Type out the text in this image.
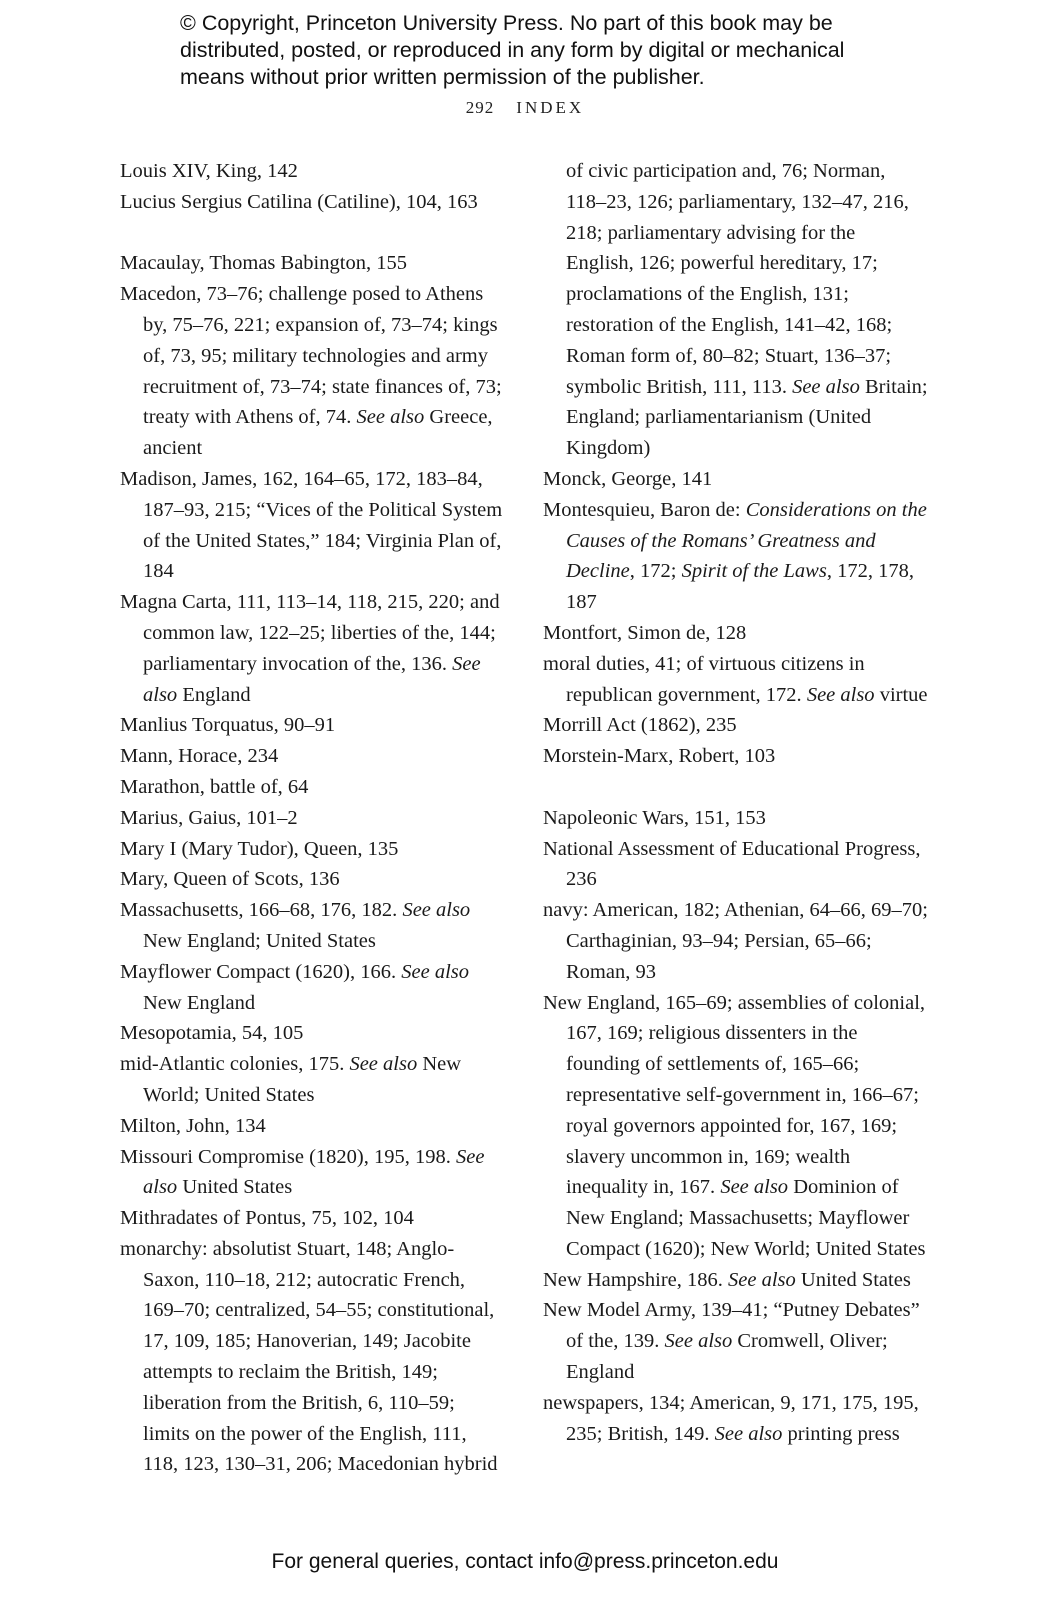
© Copyright, Princeton University Press. No part of this book may be distributed, posted, or reproduced in any form by digital or mechanical means without prior written permission of the publisher.
292 INDEX

Louis XIV, King, 142

Lucius Sergius Catilina (Catiline), 104, 163

Macaulay, Thomas Babington, 155

Macedon, 73–76; challenge posed to Athens by, 75–76, 221; expansion of, 73–74; kings of, 73, 95; military technologies and army recruitment of, 73–74; state finances of, 73; treaty with Athens of, 74. See also Greece, ancient

Madison, James, 162, 164–65, 172, 183–84, 187–93, 215; “Vices of the Political System of the United States,” 184; Virginia Plan of, 184

Magna Carta, 111, 113–14, 118, 215, 220; and common law, 122–25; liberties of the, 144; parliamentary invocation of the, 136. See also England

Manlius Torquatus, 90–91

Mann, Horace, 234

Marathon, battle of, 64

Marius, Gaius, 101–2

Mary I (Mary Tudor), Queen, 135

Mary, Queen of Scots, 136

Massachusetts, 166–68, 176, 182. See also New England; United States

Mayflower Compact (1620), 166. See also New England

Mesopotamia, 54, 105

mid-Atlantic colonies, 175. See also New World; United States

Milton, John, 134

Missouri Compromise (1820), 195, 198. See also United States

Mithradates of Pontus, 75, 102, 104

monarchy: absolutist Stuart, 148; Anglo-Saxon, 110–18, 212; autocratic French, 169–70; centralized, 54–55; constitutional, 17, 109, 185; Hanoverian, 149; Jacobite attempts to reclaim the British, 149; liberation from the British, 6, 110–59; limits on the power of the English, 111, 118, 123, 130–31, 206; Macedonian hybrid

of civic participation and, 76; Norman, 118–23, 126; parliamentary, 132–47, 216, 218; parliamentary advising for the English, 126; powerful hereditary, 17; proclamations of the English, 131; restoration of the English, 141–42, 168; Roman form of, 80–82; Stuart, 136–37; symbolic British, 111, 113. See also Britain; England; parliamentarianism (United Kingdom)

Monck, George, 141

Montesquieu, Baron de: Considerations on the Causes of the Romans’ Greatness and Decline, 172; Spirit of the Laws, 172, 178, 187

Montfort, Simon de, 128

moral duties, 41; of virtuous citizens in republican government, 172. See also virtue

Morrill Act (1862), 235

Morstein-Marx, Robert, 103

Napoleonic Wars, 151, 153

National Assessment of Educational Progress, 236

navy: American, 182; Athenian, 64–66, 69–70; Carthaginian, 93–94; Persian, 65–66; Roman, 93

New England, 165–69; assemblies of colonial, 167, 169; religious dissenters in the founding of settlements of, 165–66; representative self-government in, 166–67; royal governors appointed for, 167, 169; slavery uncommon in, 169; wealth inequality in, 167. See also Dominion of New England; Massachusetts; Mayflower Compact (1620); New World; United States

New Hampshire, 186. See also United States

New Model Army, 139–41; “Putney Debates” of the, 139. See also Cromwell, Oliver; England

newspapers, 134; American, 9, 171, 175, 195, 235; British, 149. See also printing press

For general queries, contact info@press.princeton.edu
